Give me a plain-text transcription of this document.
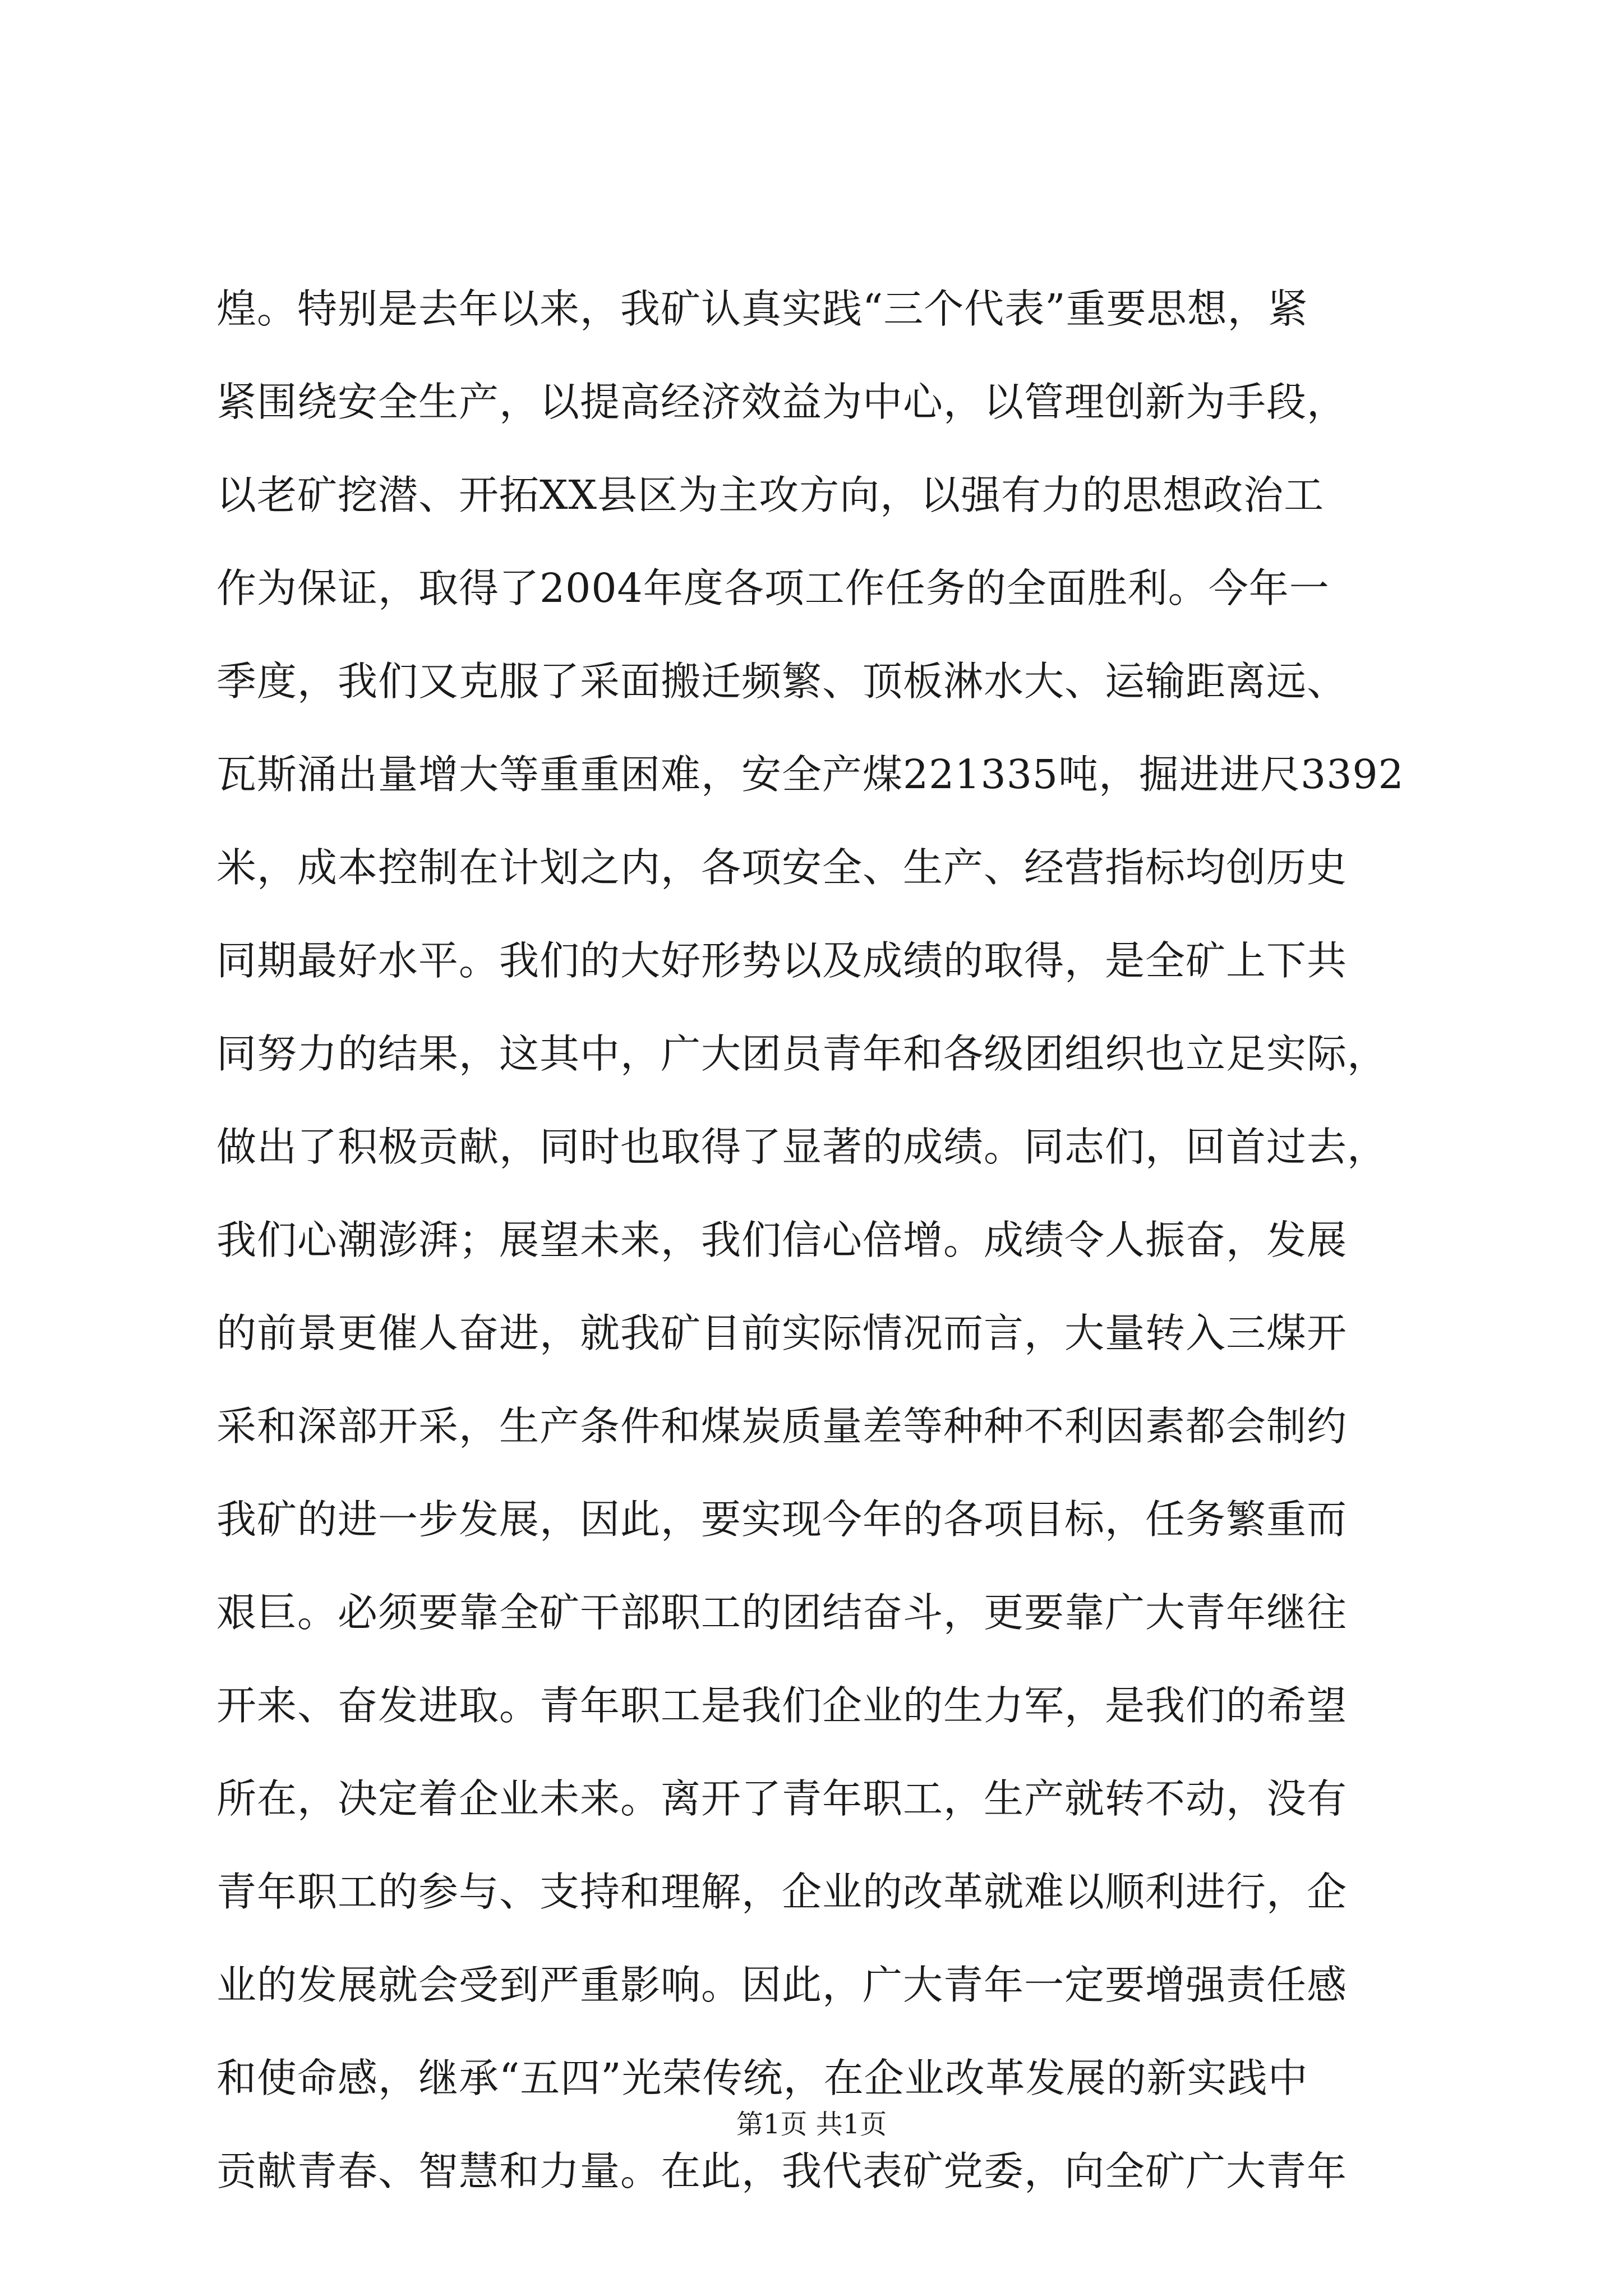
煌。特别是去年以来，我矿认真实践“三个代表”重要思想，紧
紧围绕安全生产，以提高经济效益为中心，以管理创新为手段，
以老矿挖潜、开拓XX县区为主攻方向，以强有力的思想政治工
作为保证，取得了2004年度各项工作任务的全面胜利。今年一
季度，我们又克服了采面搬迁频繁、顶板淋水大、运输距离远、
瓦斯涌出量增大等重重困难，安全产煤221335吨，掘进进尺3392
米，成本控制在计划之内，各项安全、生产、经营指标均创历史
同期最好水平。我们的大好形势以及成绩的取得，是全矿上下共
同努力的结果，这其中，广大团员青年和各级团组织也立足实际，
做出了积极贡献，同时也取得了显著的成绩。同志们，回首过去，
我们心潮澎湃；展望未来，我们信心倍增。成绩令人振奋，发展
的前景更催人奋进，就我矿目前实际情况而言，大量转入三煤开
采和深部开采，生产条件和煤炭质量差等种种不利因素都会制约
我矿的进一步发展，因此，要实现今年的各项目标，任务繁重而
艰巨。必须要靠全矿干部职工的团结奋斗，更要靠广大青年继往
开来、奋发进取。青年职工是我们企业的生力军，是我们的希望
所在，决定着企业未来。离开了青年职工，生产就转不动，没有
青年职工的参与、支持和理解，企业的改革就难以顺利进行，企
业的发展就会受到严重影响。因此，广大青年一定要增强责任感
和使命感，继承“五四”光荣传统，在企业改革发展的新实践中
贡献青春、智慧和力量。在此，我代表矿党委，向全矿广大青年
第1页 共1页
